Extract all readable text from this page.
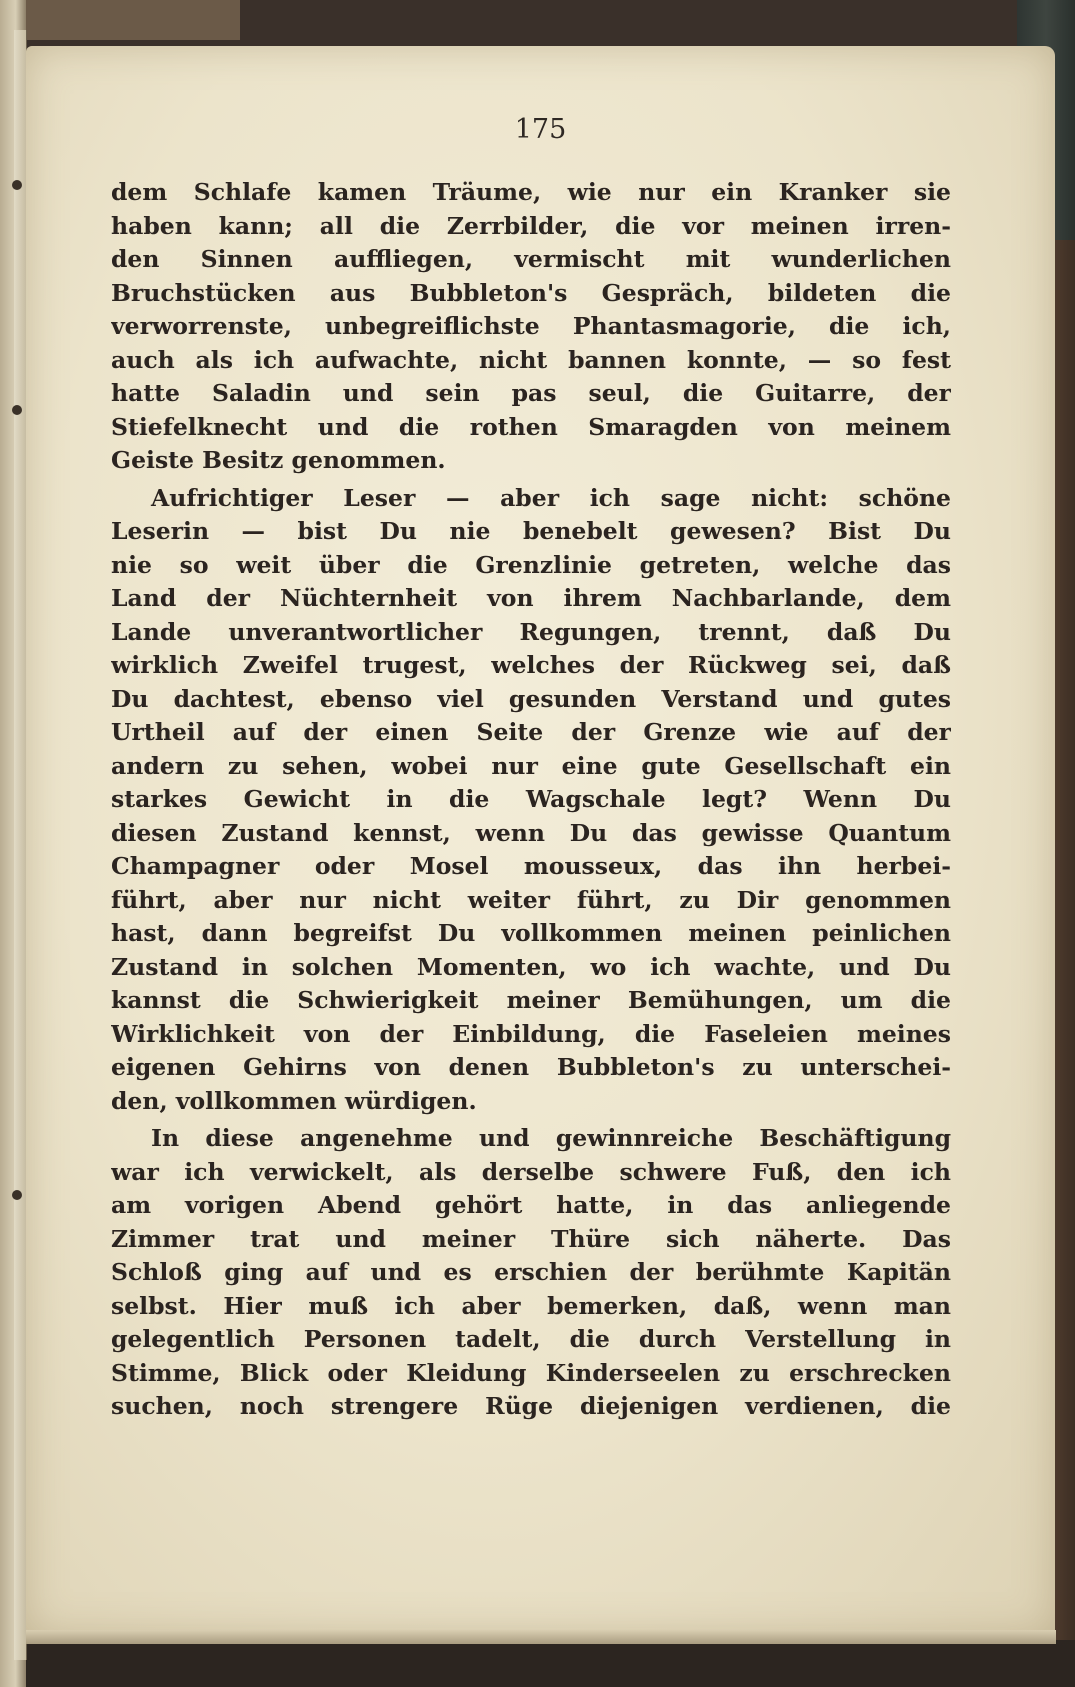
175
dem Schlafe kamen Träume, wie nur ein Kranker sie
haben kann; all die Zerrbilder, die vor meinen irren-
den Sinnen auffliegen, vermischt mit wunderlichen
Bruchstücken aus Bubbleton's Gespräch, bildeten die
verworrenste, unbegreiflichste Phantasmagorie, die ich,
auch als ich aufwachte, nicht bannen konnte, — so fest
hatte Saladin und sein pas seul, die Guitarre, der
Stiefelknecht und die rothen Smaragden von meinem
Geiste Besitz genommen.
Aufrichtiger Leser — aber ich sage nicht: schöne
Leserin — bist Du nie benebelt gewesen? Bist Du
nie so weit über die Grenzlinie getreten, welche das
Land der Nüchternheit von ihrem Nachbarlande, dem
Lande unverantwortlicher Regungen, trennt, daß Du
wirklich Zweifel trugest, welches der Rückweg sei, daß
Du dachtest, ebenso viel gesunden Verstand und gutes
Urtheil auf der einen Seite der Grenze wie auf der
andern zu sehen, wobei nur eine gute Gesellschaft ein
starkes Gewicht in die Wagschale legt? Wenn Du
diesen Zustand kennst, wenn Du das gewisse Quantum
Champagner oder Mosel mousseux, das ihn herbei-
führt, aber nur nicht weiter führt, zu Dir genommen
hast, dann begreifst Du vollkommen meinen peinlichen
Zustand in solchen Momenten, wo ich wachte, und Du
kannst die Schwierigkeit meiner Bemühungen, um die
Wirklichkeit von der Einbildung, die Faseleien meines
eigenen Gehirns von denen Bubbleton's zu unterschei-
den, vollkommen würdigen.
In diese angenehme und gewinnreiche Beschäftigung
war ich verwickelt, als derselbe schwere Fuß, den ich
am vorigen Abend gehört hatte, in das anliegende
Zimmer trat und meiner Thüre sich näherte. Das
Schloß ging auf und es erschien der berühmte Kapitän
selbst. Hier muß ich aber bemerken, daß, wenn man
gelegentlich Personen tadelt, die durch Verstellung in
Stimme, Blick oder Kleidung Kinderseelen zu erschrecken
suchen, noch strengere Rüge diejenigen verdienen, die
